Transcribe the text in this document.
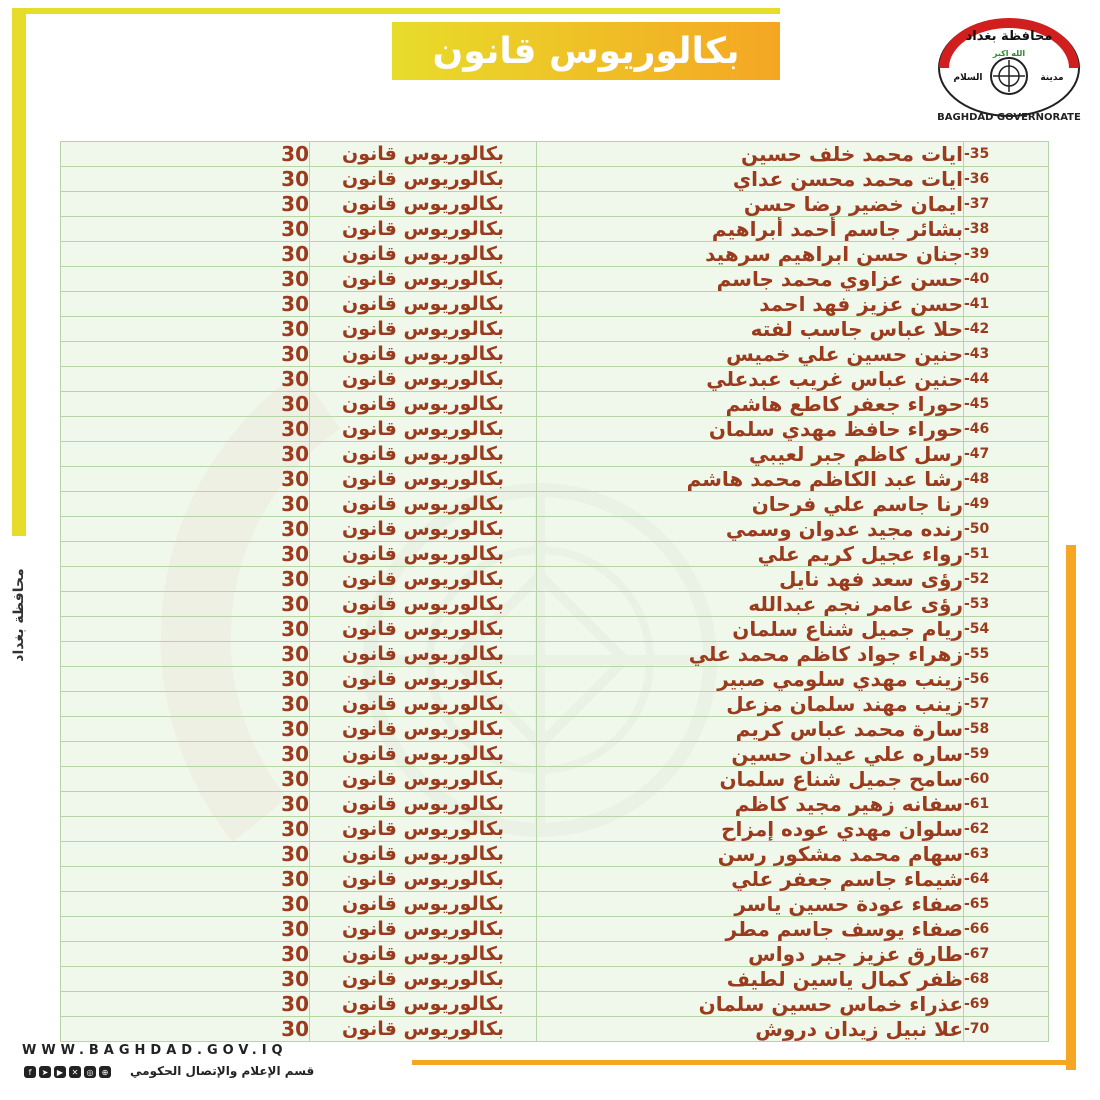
بكالوريوس قانون	محافظة بغداد
الله اكبر
مدينة
السلام
BAGHDAD GOVERNORATE
محافظة بغداد
-35	ايات محمد خلف حسين	بكالوريوس قانون	30
-36	ايات محمد محسن عداي	بكالوريوس قانون	30
-37	ايمان خضير رضا حسن	بكالوريوس قانون	30
-38	بشائر جاسم أحمد أبراهيم	بكالوريوس قانون	30
-39	جنان حسن ابراهيم سرهيد	بكالوريوس قانون	30
-40	حسن عزاوي محمد جاسم	بكالوريوس قانون	30
-41	حسن عزيز فهد احمد	بكالوريوس قانون	30
-42	حلا عباس جاسب لفته	بكالوريوس قانون	30
-43	حنين حسين علي خميس	بكالوريوس قانون	30
-44	حنين عباس غريب عبدعلي	بكالوريوس قانون	30
-45	حوراء جعفر كاطع هاشم	بكالوريوس قانون	30
-46	حوراء حافظ مهدي سلمان	بكالوريوس قانون	30
-47	رسل كاظم جبر لعيبي	بكالوريوس قانون	30
-48	رشا عبد الكاظم محمد هاشم	بكالوريوس قانون	30
-49	رنا جاسم علي فرحان	بكالوريوس قانون	30
-50	رنده مجيد عدوان وسمي	بكالوريوس قانون	30
-51	رواء عجيل كريم علي	بكالوريوس قانون	30
-52	رؤى سعد فهد نايل	بكالوريوس قانون	30
-53	رؤى عامر نجم عبدالله	بكالوريوس قانون	30
-54	ريام جميل شناع سلمان	بكالوريوس قانون	30
-55	زهراء جواد كاظم محمد علي	بكالوريوس قانون	30
-56	زينب مهدي سلومي صبير	بكالوريوس قانون	30
-57	زينب مهند سلمان مزعل	بكالوريوس قانون	30
-58	سارة محمد عباس كريم	بكالوريوس قانون	30
-59	ساره علي عيدان حسين	بكالوريوس قانون	30
-60	سامح جميل شناع سلمان	بكالوريوس قانون	30
-61	سفانه زهير مجيد كاظم	بكالوريوس قانون	30
-62	سلوان مهدي عوده إمزاح	بكالوريوس قانون	30
-63	سهام محمد مشكور رسن	بكالوريوس قانون	30
-64	شيماء جاسم جعفر علي	بكالوريوس قانون	30
-65	صفاء عودة حسين ياسر	بكالوريوس قانون	30
-66	صفاء يوسف جاسم مطر	بكالوريوس قانون	30
-67	طارق عزيز جبر دواس	بكالوريوس قانون	30
-68	ظفر كمال ياسين لطيف	بكالوريوس قانون	30
-69	عذراء خماس حسين سلمان	بكالوريوس قانون	30
-70	علا نبيل زيدان دروش	بكالوريوس قانون	30
WWW.BAGHDAD.GOV.IQ
f	➤	▶	✕	◎	⊕ قسم الإعلام والإتصال الحكومي
